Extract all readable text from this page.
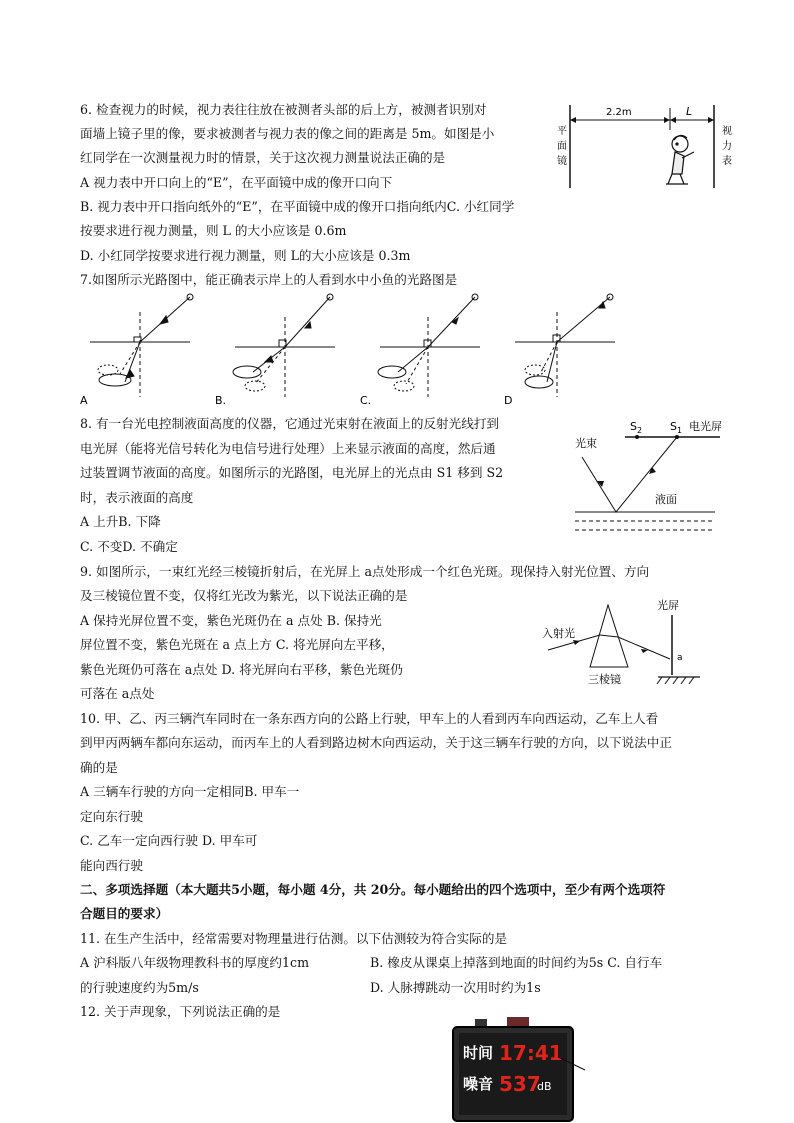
6. 检查视力的时候，视力表往往放在被测者头部的后上方，被测者识别对
面墙上镜子里的像，要求被测者与视力表的像之间的距离是 5m。如图是小
红同学在一次测量视力时的情景，关于这次视力测量说法正确的是
A 视力表中开口向上的“E”，在平面镜中成的像开口向下
B. 视力表中开口指向纸外的“E”，在平面镜中成的像开口指向纸内C. 小红同学
按要求进行视力测量，则 L 的大小应该是 0.6m
D. 小红同学按要求进行视力测量，则 L的大小应该是 0.3m
2.2m	L
平
面
镜
视
力
表
7.如图所示光路图中，能正确表示岸上的人看到水中小鱼的光路图是
A	B.	C.	D
8. 有一台光电控制液面高度的仪器，它通过光束射在液面上的反射光线打到
电光屏（能将光信号转化为电信号进行处理）上来显示液面的高度，然后通
过装置调节液面的高度。如图所示的光路图，电光屏上的光点由 S1 移到 S2
时，表示液面的高度
A 上升B. 下降
C. 不变D. 不确定
$S_2$	$S_1$ 电光屏
光束
液面
9. 如图所示，一束红光经三棱镜折射后，在光屏上 a点处形成一个红色光斑。现保持入射光位置、方向
及三棱镜位置不变，仅将红光改为紫光，以下说法正确的是
A 保持光屏位置不变，紫色光斑仍在 a 点处 B. 保持光
屏位置不变，紫色光斑在 a 点上方 C. 将光屏向左平移，
紫色光斑仍可落在 a点处 D. 将光屏向右平移，紫色光斑仍
可落在 a点处
光屏
入射光
a
三棱镜
10. 甲、乙、丙三辆汽车同时在一条东西方向的公路上行驶，甲车上的人看到丙车向西运动，乙车上人看
到甲丙两辆车都向东运动，而丙车上的人看到路边树木向西运动，关于这三辆车行驶的方向，以下说法中正
确的是
A 三辆车行驶的方向一定相同B. 甲车一
定向东行驶
C. 乙车一定向西行驶 D. 甲车可
能向西行驶
二、多项选择题（本大题共5小题，每小题 4分，共 20分。每小题给出的四个选项中，至少有两个选项符
合题目的要求）
11. 在生产生活中，经常需要对物理量进行估测。以下估测较为符合实际的是
A 沪科版八年级物理教科书的厚度约1cm	B. 橡皮从课桌上掉落到地面的时间约为5s C. 自行车
的行驶速度约为5m/s	D. 人脉搏跳动一次用时约为1s
12. 关于声现象，下列说法正确的是
时间 17:41
噪音 537
dB
